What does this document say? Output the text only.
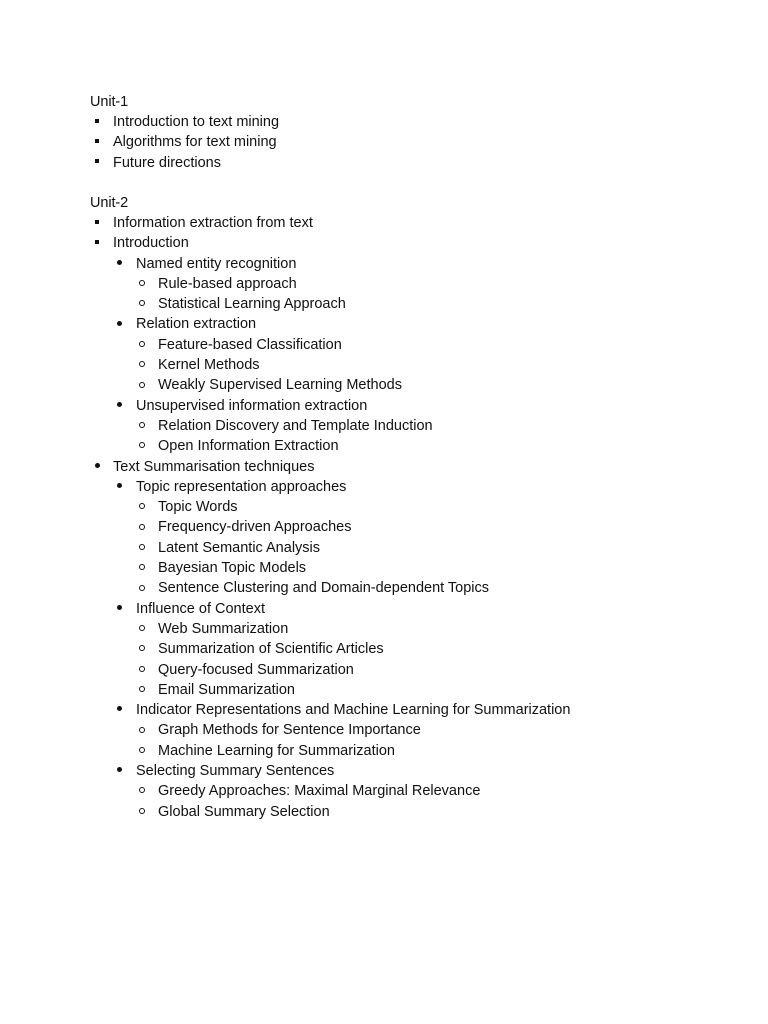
Unit-1
Introduction to text mining
Algorithms for text mining
Future directions
Unit-2
Information extraction from text
Introduction
Named entity recognition
Rule-based approach
Statistical Learning Approach
Relation extraction
Feature-based Classification
Kernel Methods
Weakly Supervised Learning Methods
Unsupervised information extraction
Relation Discovery and Template Induction
Open Information Extraction
Text Summarisation techniques
Topic representation approaches
Topic Words
Frequency-driven Approaches
Latent Semantic Analysis
Bayesian Topic Models
Sentence Clustering and Domain-dependent Topics
Influence of Context
Web Summarization
Summarization of Scientific Articles
Query-focused Summarization
Email Summarization
Indicator Representations and Machine Learning for Summarization
Graph Methods for Sentence Importance
Machine Learning for Summarization
Selecting Summary Sentences
Greedy Approaches: Maximal Marginal Relevance
Global Summary Selection
